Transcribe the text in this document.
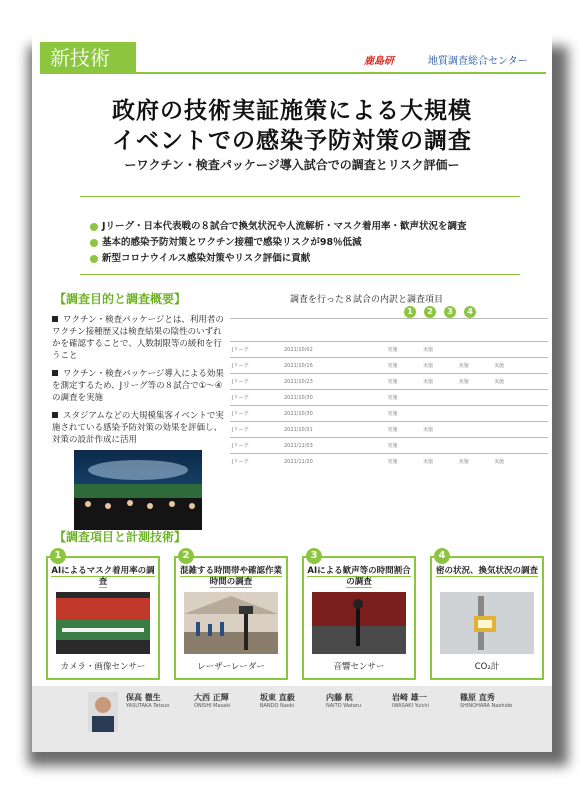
新技術	鹿島研	地質調査総合センター
政府の技術実証施策による大規模
イベントでの感染予防対策の調査
ーワクチン・検査パッケージ導入試合での調査とリスク評価ー
Jリーグ・日本代表戦の８試合で換気状況や人流解析・マスク着用率・歓声状況を調査
基本的感染予防対策とワクチン接種で感染リスクが98％低減
新型コロナウイルス感染対策やリスク評価に貢献
【調査目的と調査概要】
ワクチン・検査パッケージとは、利用者のワクチン接種歴又は検査結果の陰性のいずれかを確認することで、人数制限等の緩和を行うこと
ワクチン・検査パッケージ導入による効果を測定するため、Jリーグ等の８試合で①〜④の調査を実施
スタジアムなどの大規模集客イベントで実施されている感染予防対策の効果を評価し、対策の設計作成に活用
調査を行った８試合の内訳と調査項目
1	2	3	4

Jリーグ	2021/10/02			実施	実施				
Jリーグ	2021/10/16			実施	実施	実施	実施		
Jリーグ	2021/10/23			実施	実施	実施	実施		
Jリーグ	2021/10/30			実施					
Jリーグ	2021/10/30			実施					
Jリーグ	2021/10/31			実施	実施				
Jリーグ	2021/11/03			実施					
Jリーグ	2021/11/20			実施	実施	実施	実施		
【調査項目と計測技術】
1
AIによるマスク着用率の調査
カメラ・画像センサー
2
混雑する時間帯や確認作業時間の調査
レーザーレーダー
3
AIによる歓声等の時間割合の調査
音響センサー
4
密の状況、換気状況の調査
CO₂計
保高 徹生
YASUTAKA Tetsuo
大西 正輝
ONISHI Masaki
坂東 直毅
BANDO Naoki
内藤 航
NAITO Wataru
岩崎 雄一
IWASAKI Yuichi
篠原 直秀
SHINOHARA Naohide
